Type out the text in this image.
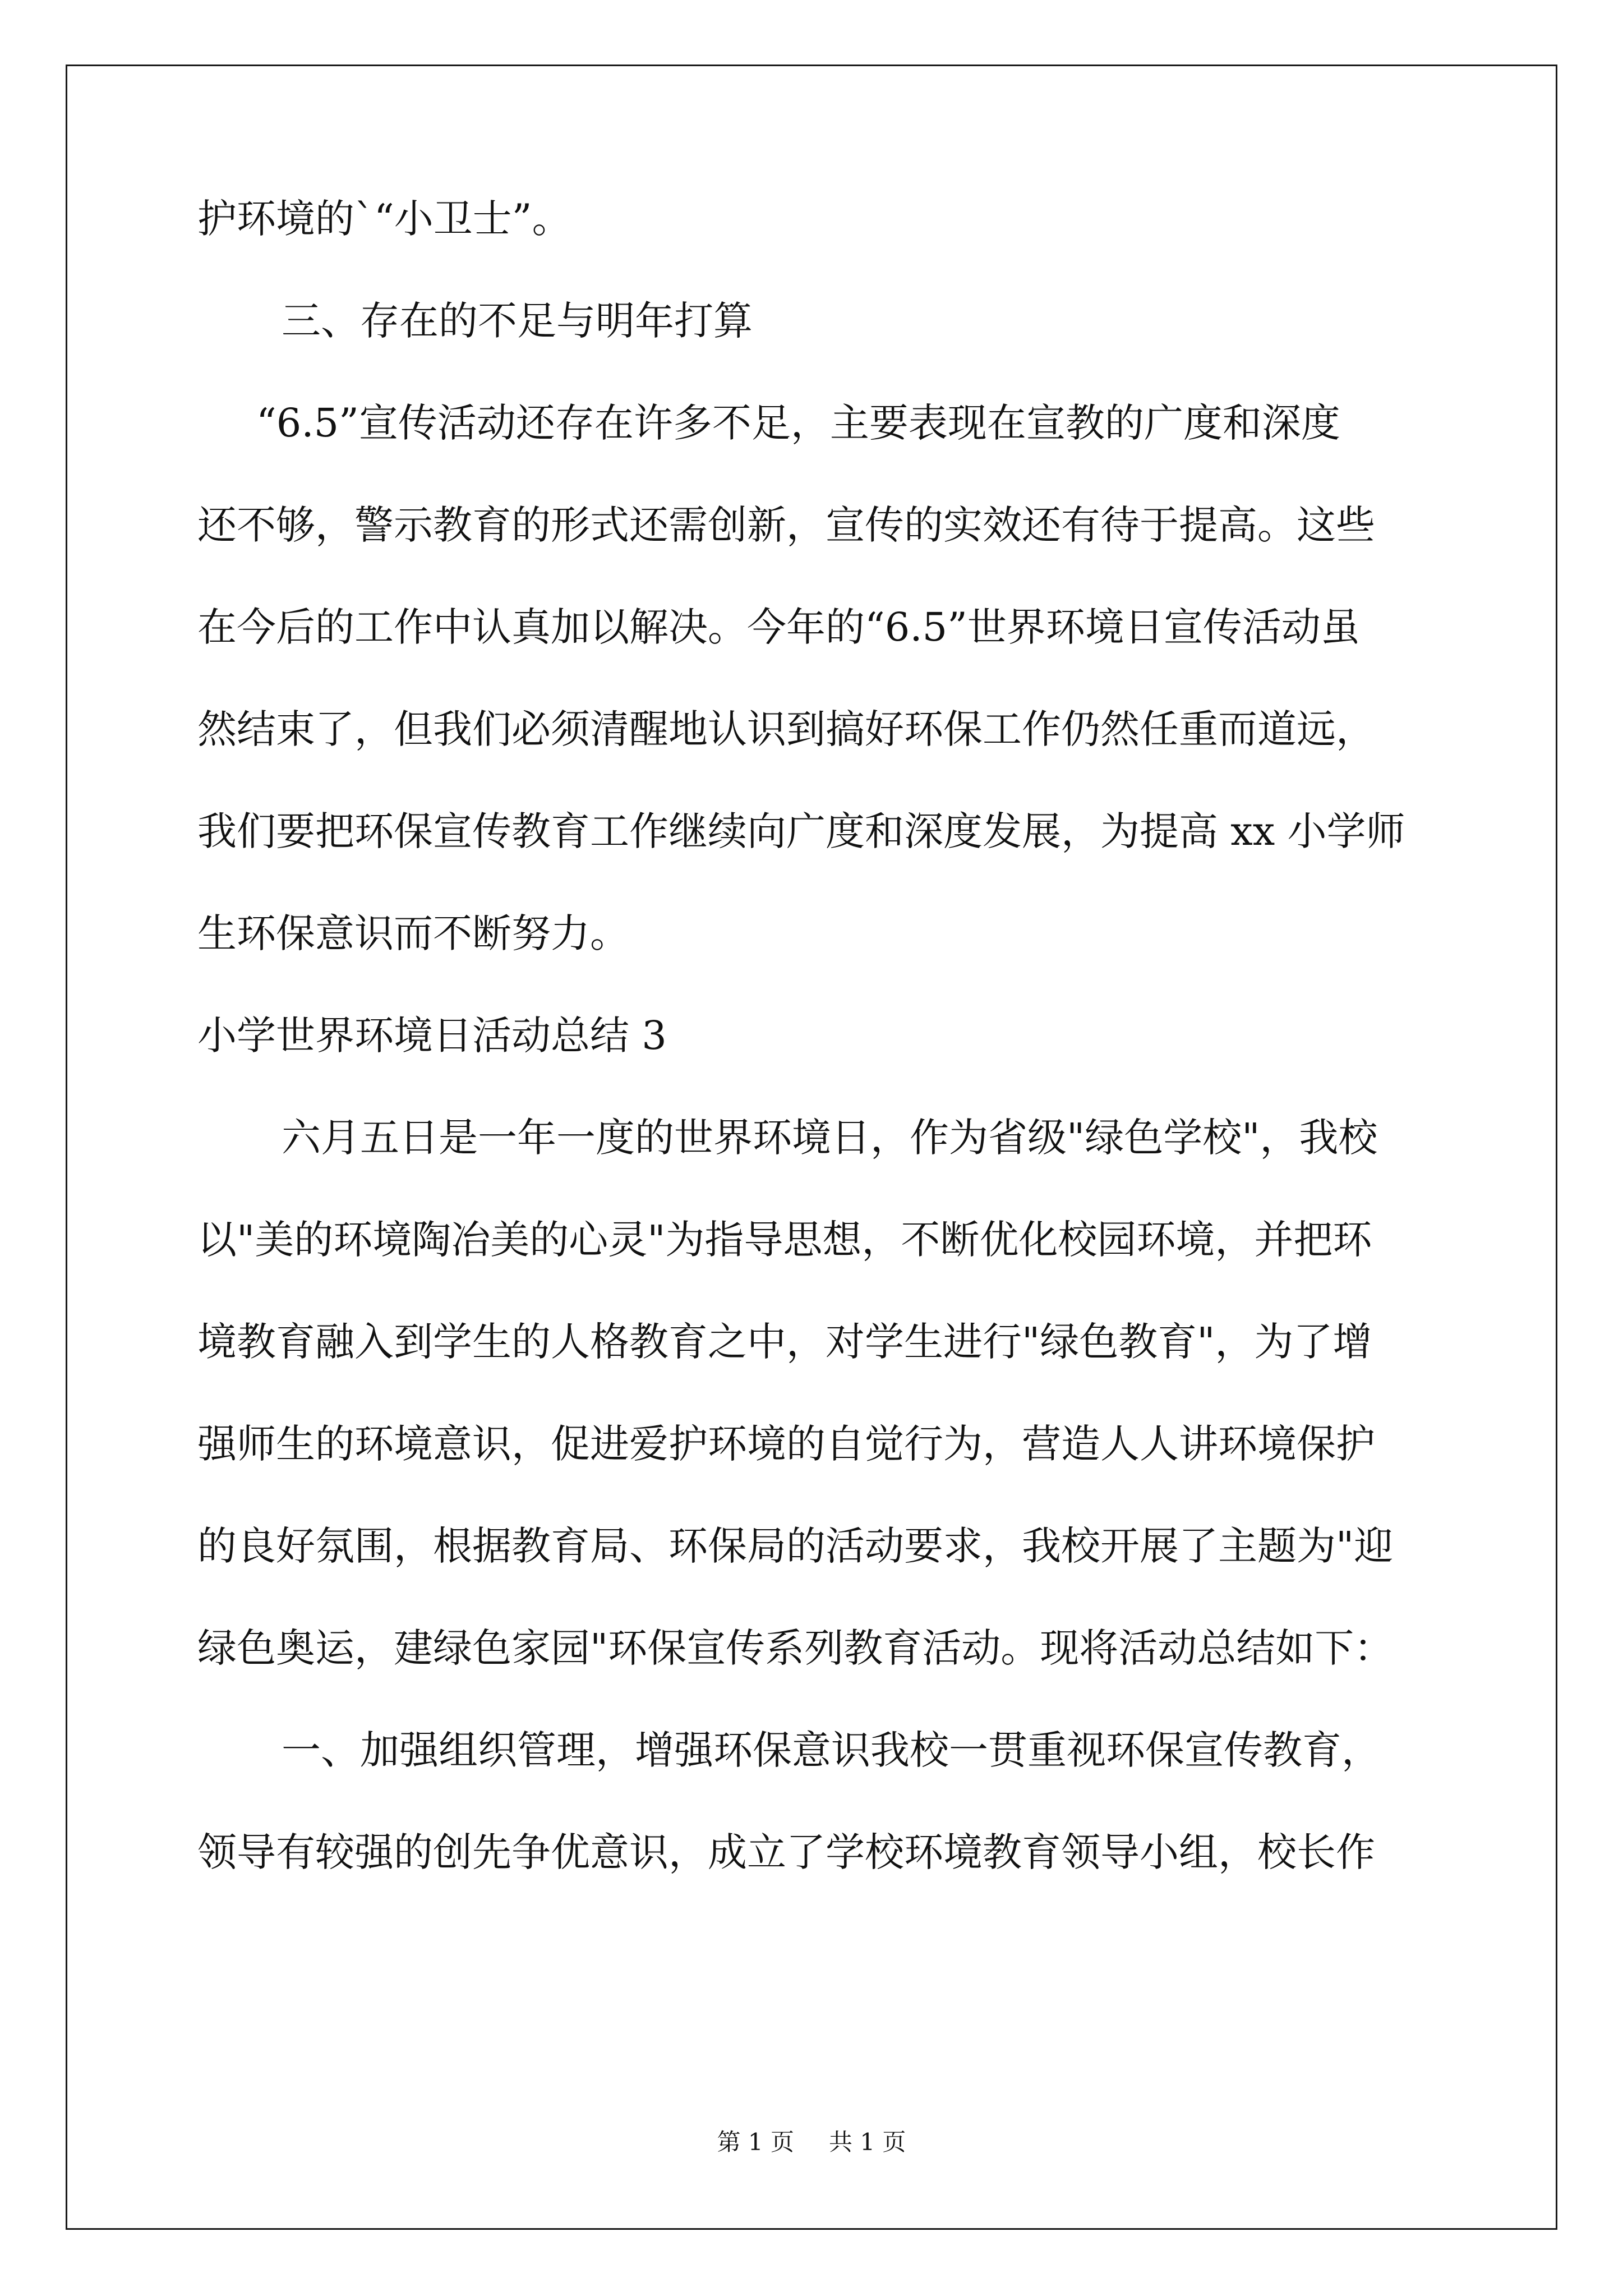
护环境的`“小卫士”。

三、存在的不足与明年打算

“6.5”宣传活动还存在许多不足，主要表现在宣教的广度和深度

还不够，警示教育的形式还需创新，宣传的实效还有待于提高。这些

在今后的工作中认真加以解决。今年的“6.5”世界环境日宣传活动虽

然结束了，但我们必须清醒地认识到搞好环保工作仍然任重而道远，

我们要把环保宣传教育工作继续向广度和深度发展，为提高 xx 小学师

生环保意识而不断努力。

小学世界环境日活动总结 3

六月五日是一年一度的世界环境日，作为省级"绿色学校"，我校

以"美的环境陶冶美的心灵"为指导思想，不断优化校园环境，并把环

境教育融入到学生的人格教育之中，对学生进行"绿色教育"，为了增

强师生的环境意识，促进爱护环境的自觉行为，营造人人讲环境保护

的良好氛围，根据教育局、环保局的活动要求，我校开展了主题为"迎

绿色奥运，建绿色家园"环保宣传系列教育活动。现将活动总结如下：

一、加强组织管理，增强环保意识我校一贯重视环保宣传教育，

领导有较强的创先争优意识，成立了学校环境教育领导小组，校长作

第 1 页 共 1 页
